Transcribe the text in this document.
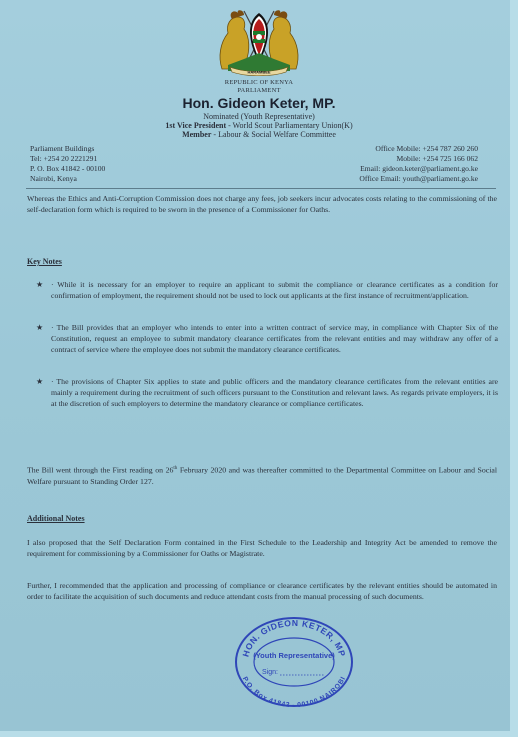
HARAMBEE
REPUBLIC OF KENYA
PARLIAMENT
Hon. Gideon Keter, MP.
Nominated (Youth Representative)
1st Vice President - World Scout Parliamentary Union(K)
Member - Labour & Social Welfare Committee
Parliament Buildings
Tel: +254 20 2221291
P. O. Box 41842 - 00100
Nairobi, Kenya
Office Mobile: +254 787 260 260
Mobile: +254 725 166 062
Email: gideon.keter@parliament.go.ke
Office Email: youth@parliament.go.ke
Whereas the Ethics and Anti-Corruption Commission does not charge any fees, job seekers incur advocates costs relating to the commissioning of the self-declaration form which is required to be sworn in the presence of a Commissioner for Oaths.
Key Notes
★	· While it is necessary for an employer to require an applicant to submit the compliance or clearance certificates as a condition for confirmation of employment, the requirement should not be used to lock out applicants at the first instance of recruitment/application.
★	· The Bill provides that an employer who intends to enter into a written contract of service may, in compliance with Chapter Six of the Constitution, request an employee to submit mandatory clearance certificates from the relevant entities and may withdraw any offer of a contract of service where the employee does not submit the mandatory clearance certificates.
★	· The provisions of Chapter Six applies to state and public officers and the mandatory clearance certificates from the relevant entities are mainly a requirement during the recruitment of such officers pursuant to the Constitution and relevant laws. As regards private employers, it is at the discretion of such employers to determine the mandatory clearance or compliance certificates.
The Bill went through the First reading on 26th February 2020 and was thereafter committed to the Departmental Committee on Labour and Social Welfare pursuant to Standing Order 127.
Additional Notes
I also proposed that the Self Declaration Form contained in the First Schedule to the Leadership and Integrity Act be amended to remove the requirement for commissioning by a Commissioner for Oaths or Magistrate.
Further, I recommended that the application and processing of compliance or clearance certificates by the relevant entities should be automated in order to facilitate the acquisition of such documents and reduce attendant costs from the manual processing of such documents.
HON. GIDEON KETER, MP
P.O. Box 41842 - 00100 NAIROBI
(Youth Representative)
Sign:
